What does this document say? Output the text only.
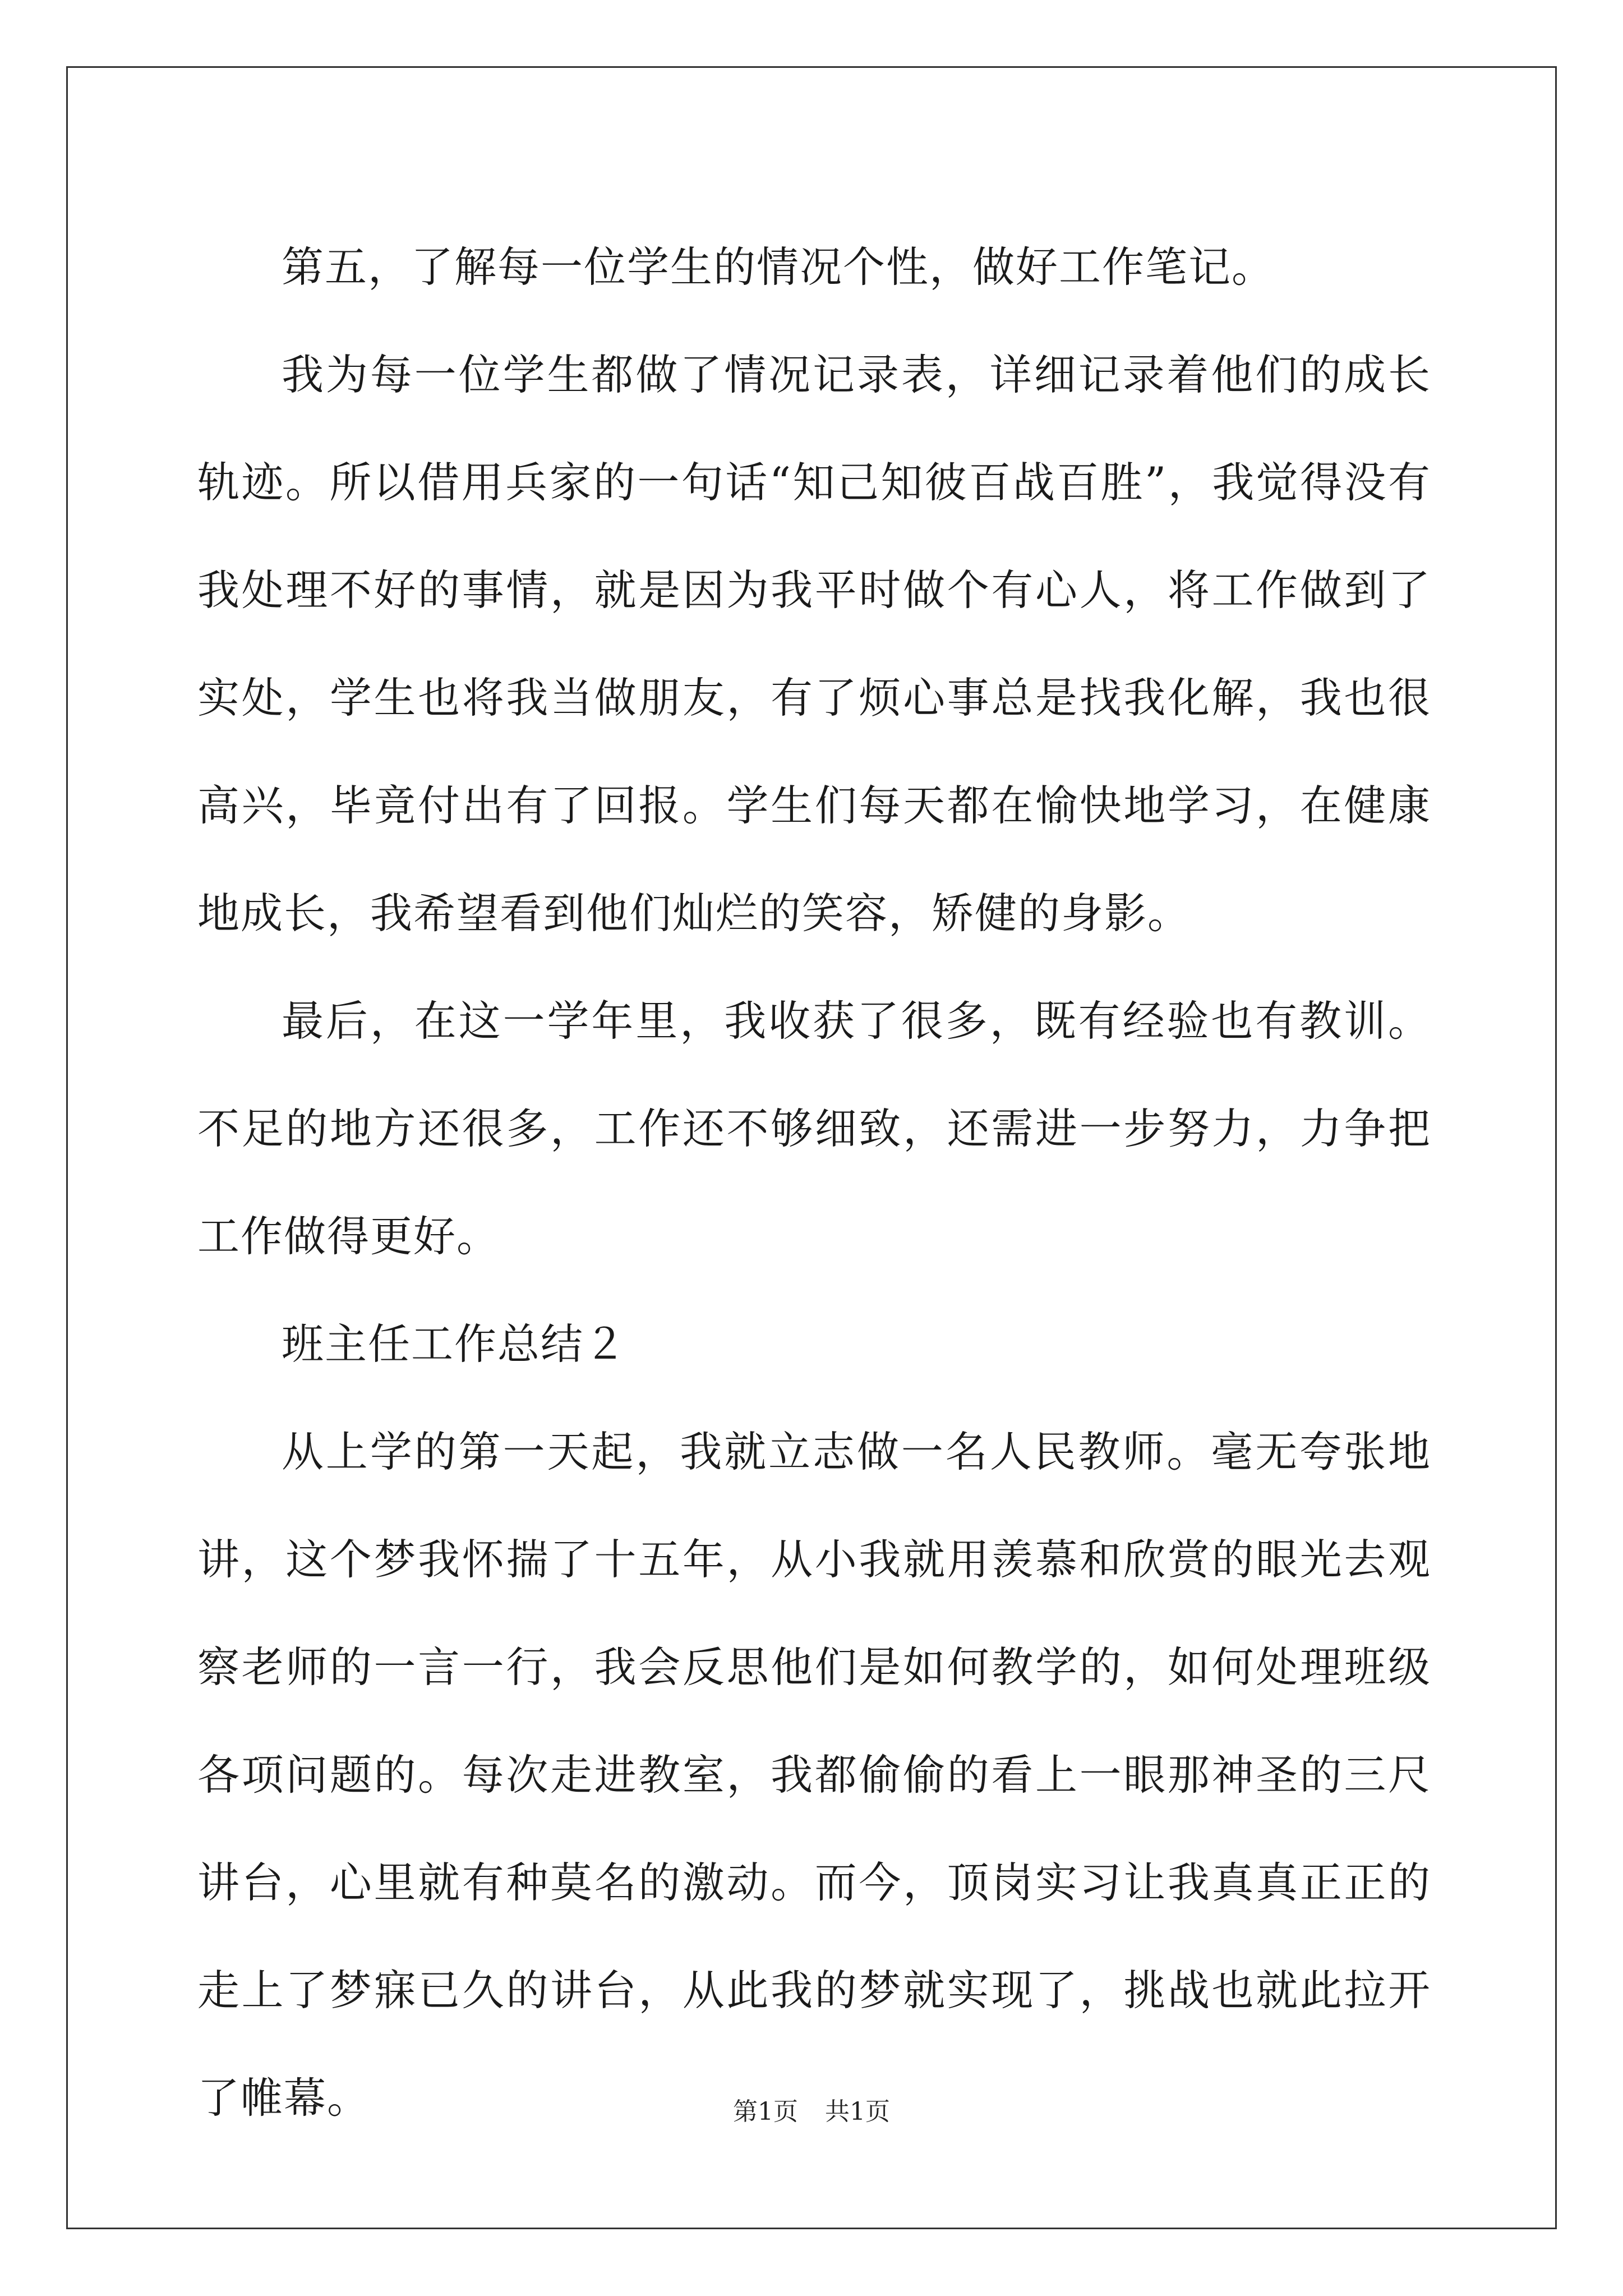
第五，了解每一位学生的情况个性，做好工作笔记。

我为每一位学生都做了情况记录表，详细记录着他们的成长轨迹。所以借用兵家的一句话“知己知彼百战百胜”，我觉得没有我处理不好的事情，就是因为我平时做个有心人，将工作做到了实处，学生也将我当做朋友，有了烦心事总是找我化解，我也很高兴，毕竟付出有了回报。学生们每天都在愉快地学习，在健康地成长，我希望看到他们灿烂的笑容，矫健的身影。

最后，在这一学年里，我收获了很多，既有经验也有教训。不足的地方还很多，工作还不够细致，还需进一步努力，力争把工作做得更好。

班主任工作总结２

从上学的第一天起，我就立志做一名人民教师。毫无夸张地讲，这个梦我怀揣了十五年，从小我就用羡慕和欣赏的眼光去观察老师的一言一行，我会反思他们是如何教学的，如何处理班级各项问题的。每次走进教室，我都偷偷的看上一眼那神圣的三尺讲台，心里就有种莫名的激动。而今，顶岗实习让我真真正正的走上了梦寐已久的讲台，从此我的梦就实现了，挑战也就此拉开了帷幕。	第1页 共1页
